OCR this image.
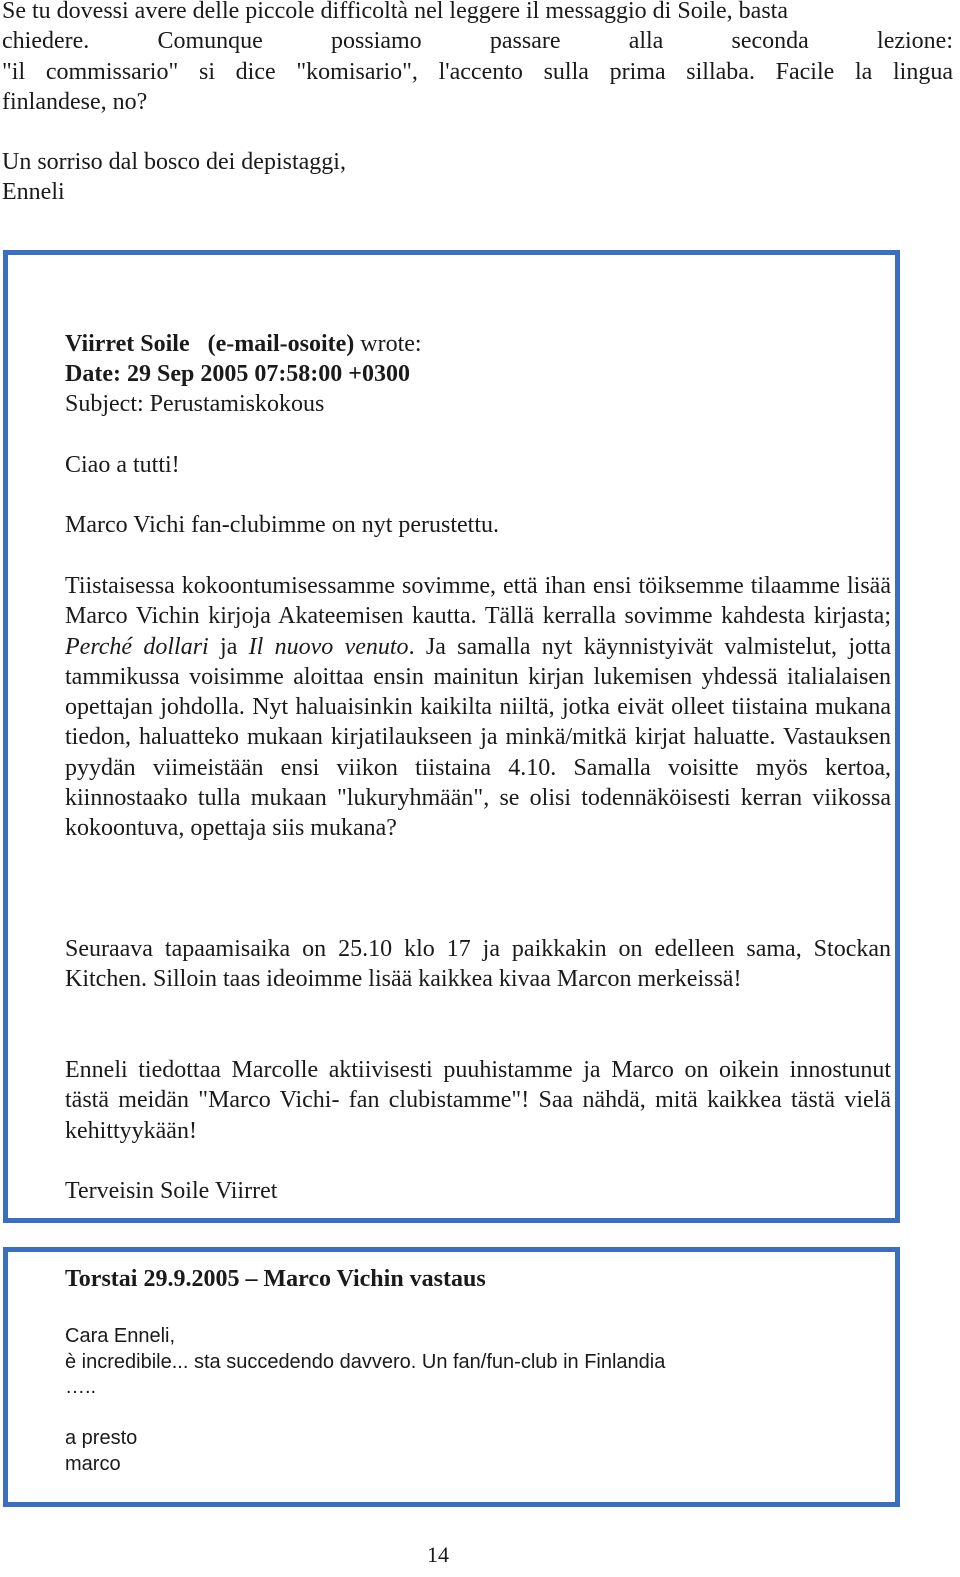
Se tu dovessi avere delle piccole difficoltà nel leggere il messaggio di Soile, basta
chiedere. Comunque possiamo passare alla seconda lezione:
"il commissario" si dice "komisario", l'accento sulla prima sillaba. Facile la lingua
finlandese, no?
Un sorriso dal bosco dei depistaggi,
Enneli
Viirret Soile (e-mail-osoite) wrote:
Date: 29 Sep 2005 07:58:00 +0300
Subject: Perustamiskokous
Ciao a tutti!
Marco Vichi fan-clubimme on nyt perustettu.

Tiistaisessa kokoontumisessamme sovimme, että ihan ensi töiksemme tilaamme lisää Marco Vichin kirjoja Akateemisen kautta. Tällä kerralla sovimme kahdesta kirjasta; Perché dollari ja Il nuovo venuto. Ja samalla nyt käynnistyivät valmistelut, jotta tammikussa voisimme aloittaa ensin mainitun kirjan lukemisen yhdessä italialaisen opettajan johdolla. Nyt haluaisinkin kaikilta niiltä, jotka eivät olleet tiistaina mukana tiedon, haluatteko mukaan kirjatilaukseen ja minkä/mitkä kirjat haluatte. Vastauksen pyydän viimeistään ensi viikon tiistaina 4.10. Samalla voisitte myös kertoa, kiinnostaako tulla mukaan "lukuryhmään", se olisi todennäköisesti kerran viikossa kokoontuva, opettaja siis mukana?

Seuraava tapaamisaika on 25.10 klo 17 ja paikkakin on edelleen sama, Stockan Kitchen. Silloin taas ideoimme lisää kaikkea kivaa Marcon merkeissä!

Enneli tiedottaa Marcolle aktiivisesti puuhistamme ja Marco on oikein innostunut tästä meidän "Marco Vichi- fan clubistamme"! Saa nähdä, mitä kaikkea tästä vielä kehittyykään!

Terveisin Soile Viirret
Torstai 29.9.2005 – Marco Vichin vastaus
Cara Enneli,
è incredibile... sta succedendo davvero. Un fan/fun-club in Finlandia
…..

a presto
marco
14
